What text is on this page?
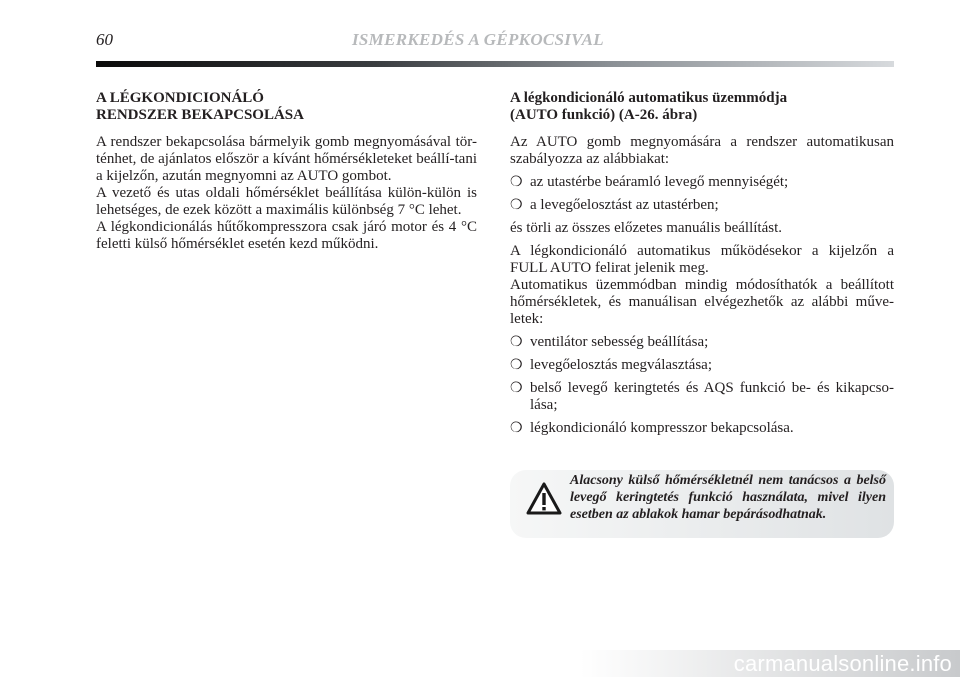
60	ISMERKEDÉS A GÉPKOCSIVAL
A LÉGKONDICIONÁLÓ
RENDSZER BEKAPCSOLÁSA

A rendszer bekapcsolása bármelyik gomb megnyomásával tör-ténhet, de ajánlatos először a kívánt hőmérsékleteket beállí-tani a kijelzőn, azután megnyomni az AUTO gombot.

A vezető és utas oldali hőmérséklet beállítása külön-külön is lehetséges, de ezek között a maximális különbség 7 °C lehet.

A légkondicionálás hűtőkompresszora csak járó motor és 4 °C feletti külső hőmérséklet esetén kezd működni.

A légkondicionáló automatikus üzemmódja
(AUTO funkció) (A-26. ábra)

Az AUTO gomb megnyomására a rendszer automatikusan szabályozza az alábbiakat:

❍ az utastérbe beáramló levegő mennyiségét;
❍ a levegőelosztást az utastérben;

és törli az összes előzetes manuális beállítást.

A légkondicionáló automatikus működésekor a kijelzőn a FULL AUTO felirat jelenik meg.

Automatikus üzemmódban mindig módosíthatók a beállított hőmérsékletek, és manuálisan elvégezhetők az alábbi műve-letek:

❍ ventilátor sebesség beállítása;
❍ levegőelosztás megválasztása;
❍ belső levegő keringtetés és AQS funkció be- és kikapcso-lása;
❍ légkondicionáló kompresszor bekapcsolása.

Alacsony külső hőmérsékletnél nem tanácsos a belső levegő keringtetés funkció használata, mivel ilyen esetben az ablakok hamar bepárásodhatnak.

carmanualsonline.info
